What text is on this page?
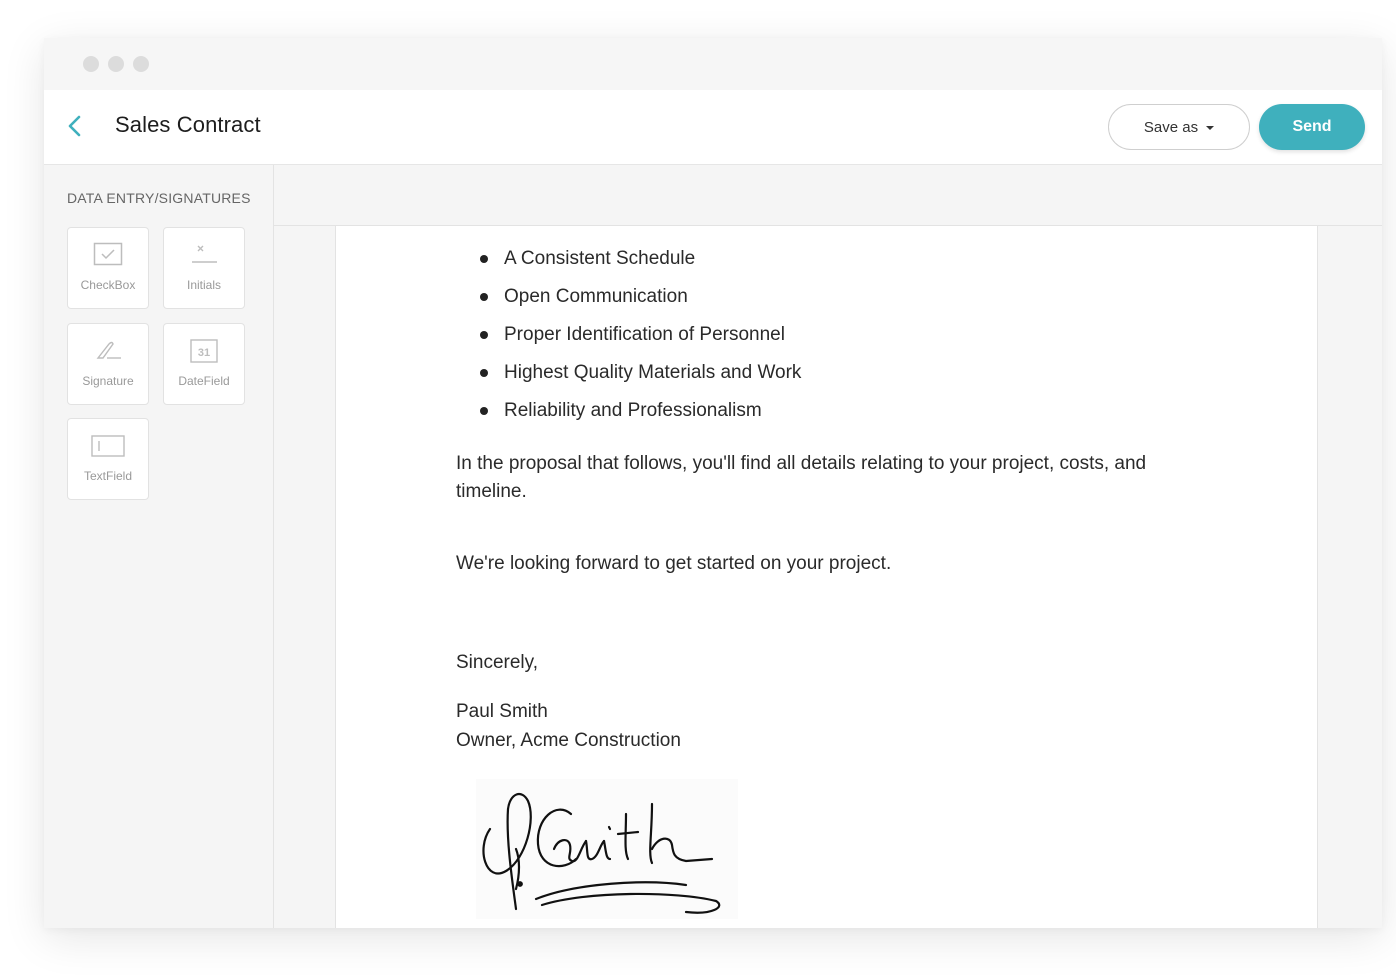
Sales Contract	Save as	Send
DATA ENTRY/SIGNATURES
CheckBox	Initials
Signature
31
DateField
TextField
A Consistent Schedule
Open Communication
Proper Identification of Personnel
Highest Quality Materials and Work
Reliability and Professionalism

In the proposal that follows, you'll find all details relating to your project, costs, and timeline.

We're looking forward to get started on your project.

Sincerely,

Paul Smith

Owner, Acme Construction
